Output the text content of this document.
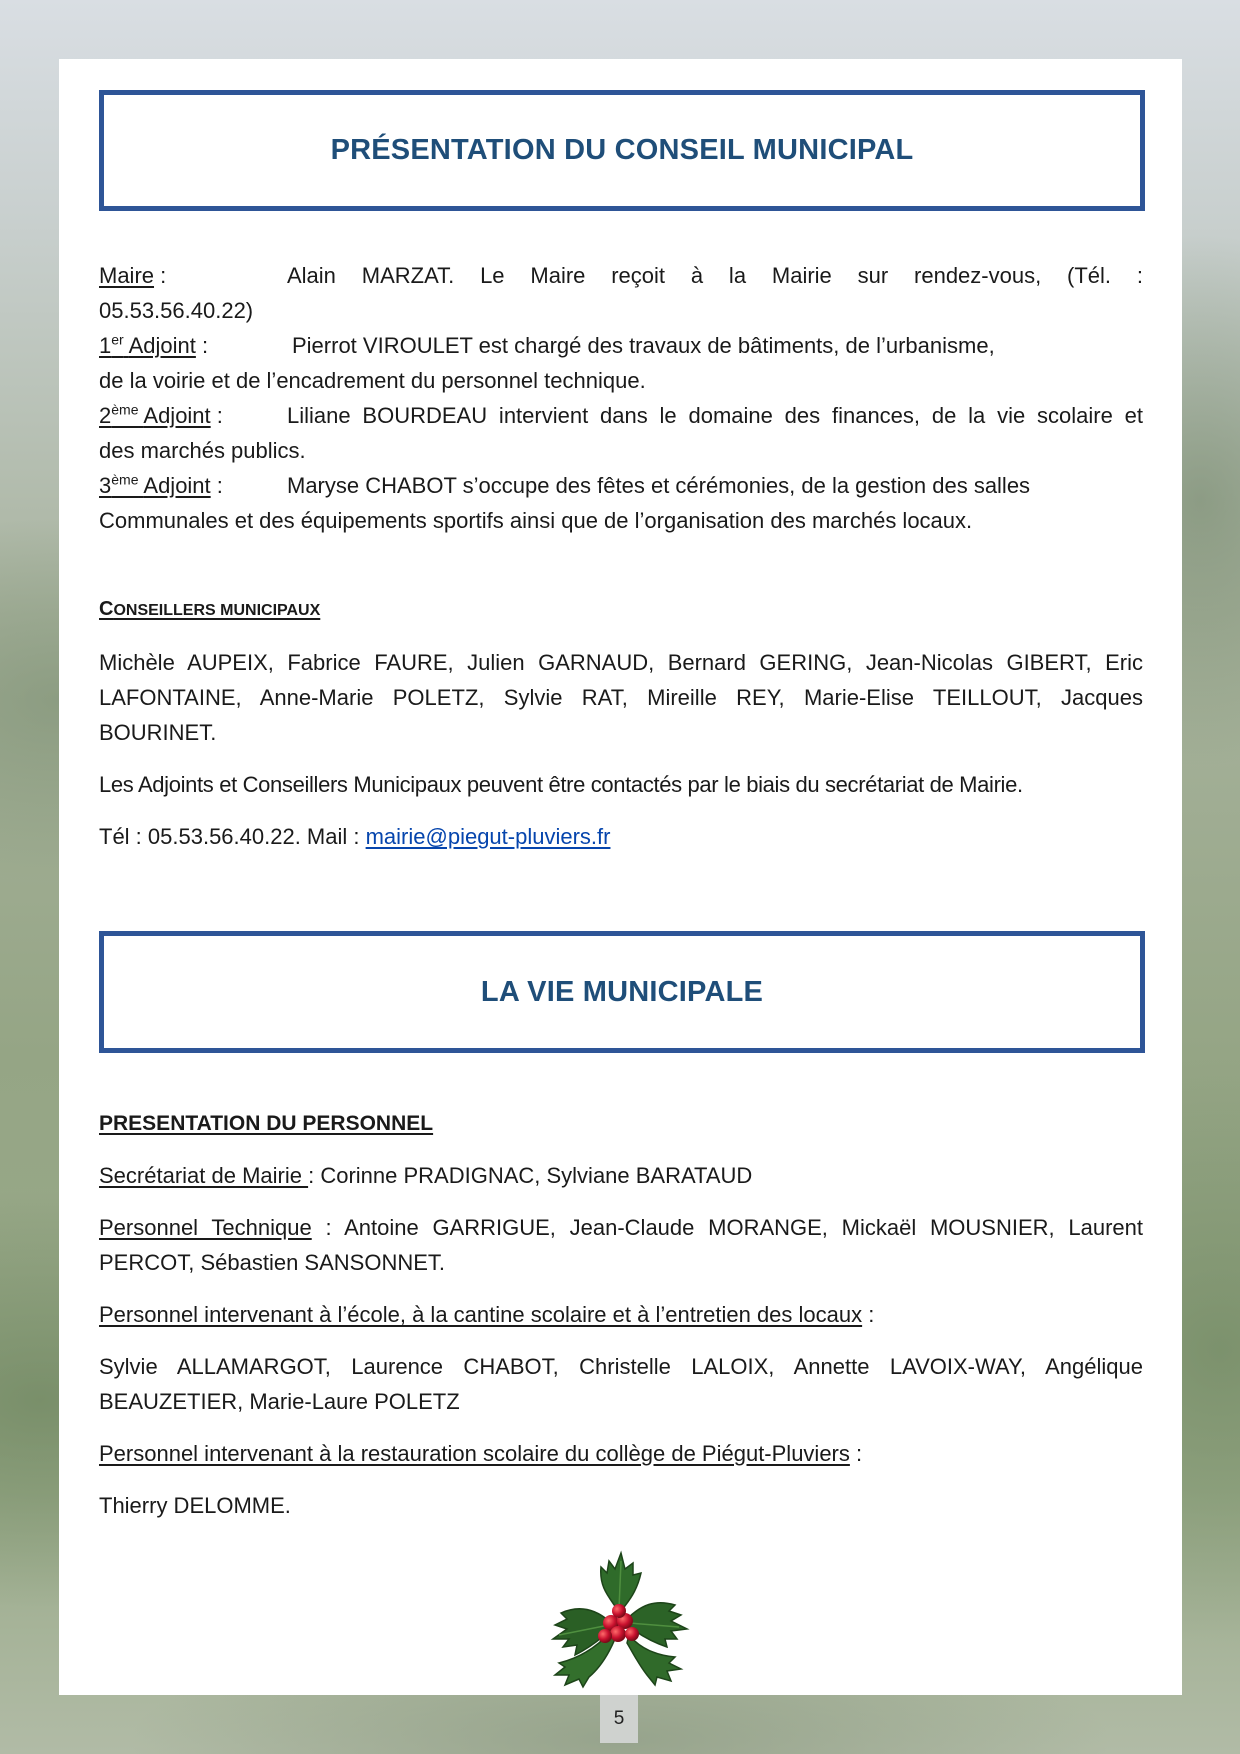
PRÉSENTATION DU CONSEIL MUNICIPAL

Maire :	Alain MARZAT. Le Maire reçoit à la Mairie sur rendez-vous, (Tél. :

05.53.56.40.22)

1er Adjoint :	Pierrot VIROULET est chargé des travaux de bâtiments, de l’urbanisme,

de la voirie et de l’encadrement du personnel technique.

2ème Adjoint :	Liliane BOURDEAU intervient dans le domaine des finances, de la vie scolaire et

des marchés publics.

3ème Adjoint :	Maryse CHABOT s’occupe des fêtes et cérémonies, de la gestion des salles

Communales et des équipements sportifs ainsi que de l’organisation des marchés locaux.

CONSEILLERS MUNICIPAUX

Michèle AUPEIX, Fabrice FAURE, Julien GARNAUD, Bernard GERING, Jean-Nicolas GIBERT, Eric LAFONTAINE, Anne-Marie POLETZ, Sylvie RAT, Mireille REY, Marie-Elise TEILLOUT, Jacques BOURINET.

Les Adjoints et Conseillers Municipaux peuvent être contactés par le biais du secrétariat de Mairie.

Tél : 05.53.56.40.22. Mail : mairie@piegut-pluviers.fr

LA VIE MUNICIPALE

PRESENTATION DU PERSONNEL

Secrétariat de Mairie : Corinne PRADIGNAC, Sylviane BARATAUD

Personnel Technique : Antoine GARRIGUE, Jean-Claude MORANGE, Mickaël MOUSNIER, Laurent PERCOT, Sébastien SANSONNET.

Personnel intervenant à l’école, à la cantine scolaire et à l’entretien des locaux :

Sylvie ALLAMARGOT, Laurence CHABOT, Christelle LALOIX, Annette LAVOIX-WAY, Angélique BEAUZETIER, Marie-Laure POLETZ

Personnel intervenant à la restauration scolaire du collège de Piégut-Pluviers :

Thierry DELOMME.

5
